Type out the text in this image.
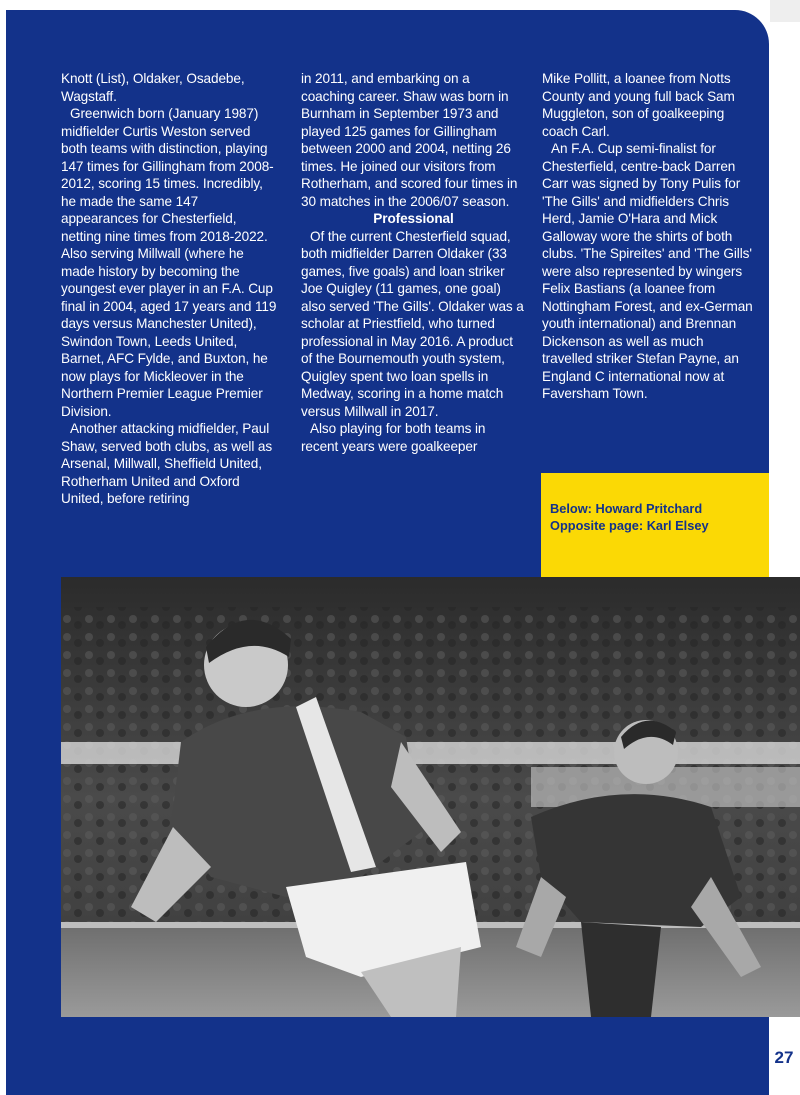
Knott (List), Oldaker, Osadebe, Wagstaff.

Greenwich born (January 1987) midfielder Curtis Weston served both teams with distinction, playing 147 times for Gillingham from 2008-2012, scoring 15 times. Incredibly, he made the same 147 appearances for Chesterfield, netting nine times from 2018-2022. Also serving Millwall (where he made history by becoming the youngest ever player in an F.A. Cup final in 2004, aged 17 years and 119 days versus Manchester United), Swindon Town, Leeds United, Barnet, AFC Fylde, and Buxton, he now plays for Mickleover in the Northern Premier League Premier Division.

Another attacking midfielder, Paul Shaw, served both clubs, as well as Arsenal, Millwall, Sheffield United, Rotherham United and Oxford United, before retiring

in 2011, and embarking on a coaching career. Shaw was born in Burnham in September 1973 and played 125 games for Gillingham between 2000 and 2004, netting 26 times. He joined our visitors from Rotherham, and scored four times in 30 matches in the 2006/07 season.

Professional

Of the current Chesterfield squad, both midfielder Darren Oldaker (33 games, five goals) and loan striker Joe Quigley (11 games, one goal) also served 'The Gills'. Oldaker was a scholar at Priestfield, who turned professional in May 2016. A product of the Bournemouth youth system, Quigley spent two loan spells in Medway, scoring in a home match versus Millwall in 2017.

Also playing for both teams in recent years were goalkeeper

Mike Pollitt, a loanee from Notts County and young full back Sam Muggleton, son of goalkeeping coach Carl.

An F.A. Cup semi-finalist for Chesterfield, centre-back Darren Carr was signed by Tony Pulis for 'The Gills' and midfielders Chris Herd, Jamie O'Hara and Mick Galloway wore the shirts of both clubs. 'The Spireites' and 'The Gills' were also represented by wingers Felix Bastians (a loanee from Nottingham Forest, and ex-German youth international) and Brennan Dickenson as well as much travelled striker Stefan Payne, an England C international now at Faversham Town.

Below: Howard Pritchard
Opposite page: Karl Elsey
27
